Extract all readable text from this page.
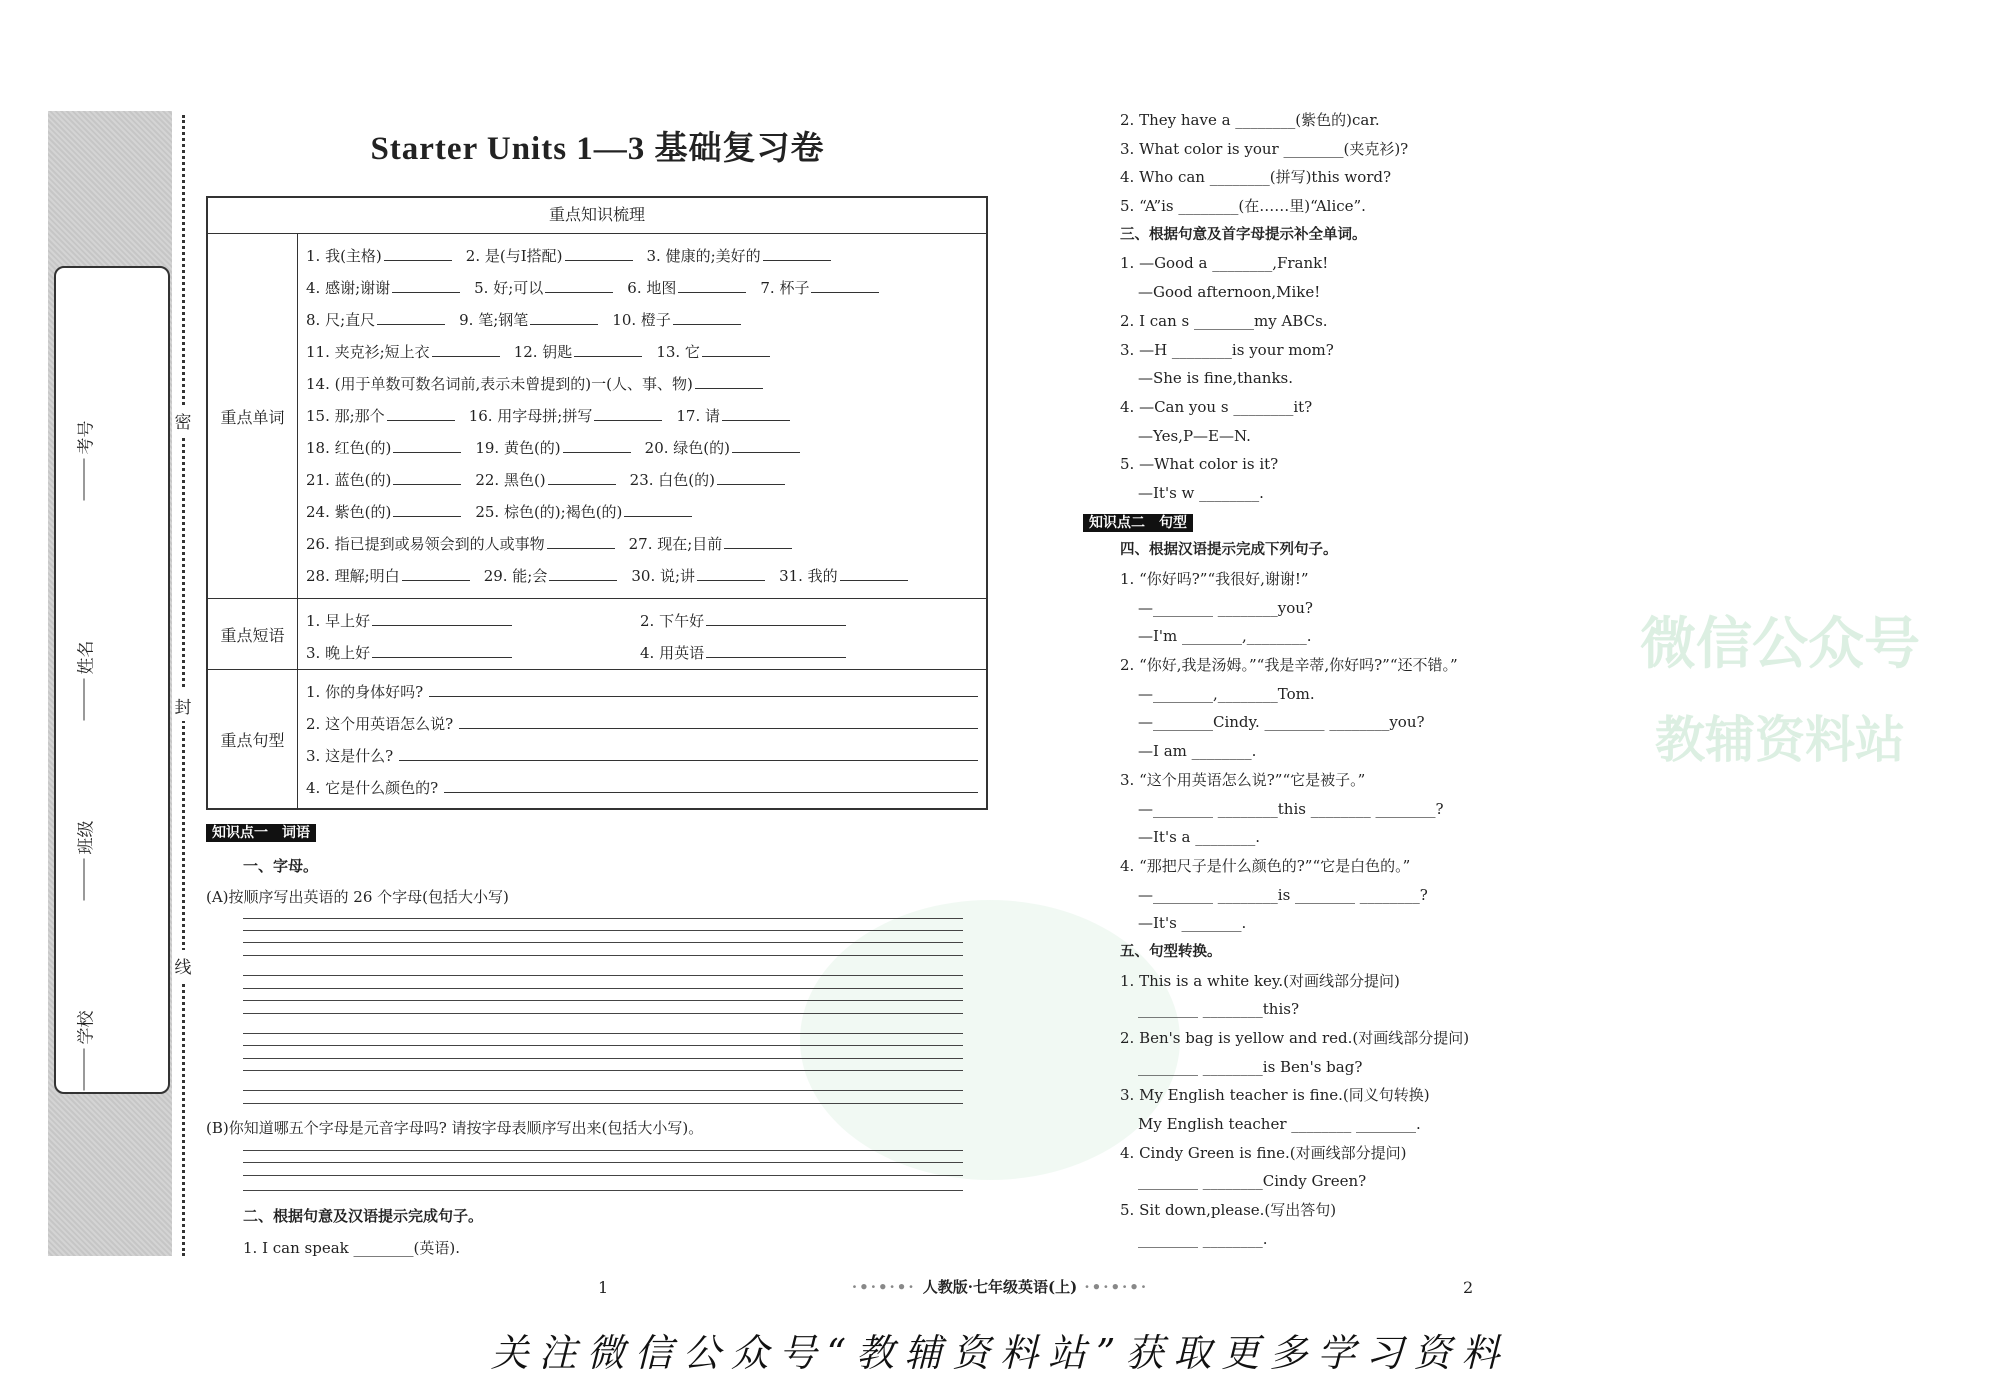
考号
姓名
班级
学校
密
封
线
Starter Units 1—3 基础复习卷
重点知识梳理
重点单词
1. 我(主格)	2. 是(与I搭配)	3. 健康的;美好的
4. 感谢;谢谢	5. 好;可以	6. 地图	7. 杯子
8. 尺;直尺	9. 笔;钢笔	10. 橙子
11. 夹克衫;短上衣	12. 钥匙	13. 它
14. (用于单数可数名词前,表示未曾提到的)一(人、事、物)
15. 那;那个	16. 用字母拼;拼写	17. 请
18. 红色(的)	19. 黄色(的)	20. 绿色(的)
21. 蓝色(的)	22. 黑色()	23. 白色(的)
24. 紫色(的)	25. 棕色(的);褐色(的)
26. 指已提到或易领会到的人或事物	27. 现在;目前
28. 理解;明白	29. 能;会	30. 说;讲	31. 我的
重点短语
1. 早上好	2. 下午好
3. 晚上好	4. 用英语
重点句型
1. 你的身体好吗?
2. 这个用英语怎么说?
3. 这是什么?
4. 它是什么颜色的?
知识点一　词语
一、字母。
(A)按顺序写出英语的 26 个字母(包括大小写)
(B)你知道哪五个字母是元音字母吗? 请按字母表顺序写出来(包括大小写)。
二、根据句意及汉语提示完成句子。
1. I can speak ________(英语).
2. They have a ________(紫色的)car.
3. What color is your ________(夹克衫)?
4. Who can ________(拼写)this word?
5. “A”is ________(在……里)“Alice”.
三、根据句意及首字母提示补全单词。
1. —Good a ________,Frank!
—Good afternoon,Mike!
2. I can s ________my ABCs.
3. —H ________is your mom?
—She is fine,thanks.
4. —Can you s ________it?
—Yes,P—E—N.
5. —What color is it?
—It's w ________.
知识点二　句型
四、根据汉语提示完成下列句子。
1. “你好吗?”“我很好,谢谢!”
—________ ________you?
—I'm ________,________.
2. “你好,我是汤姆。”“我是辛蒂,你好吗?”“还不错。”
—________,________Tom.
—________Cindy. ________ ________you?
—I am ________.
3. “这个用英语怎么说?”“它是被子。”
—________ ________this ________ ________?
—It's a ________.
4. “那把尺子是什么颜色的?”“它是白色的。”
—________ ________is ________ ________?
—It's ________.
五、句型转换。
1. This is a white key.(对画线部分提问)
________ ________this?
2. Ben's bag is yellow and red.(对画线部分提问)
________ ________is Ben's bag?
3. My English teacher is fine.(同义句转换)
My English teacher ________ ________.
4. Cindy Green is fine.(对画线部分提问)
________ ________Cindy Green?
5. Sit down,please.(写出答句)
________ ________.
1	·•·•·•· 人教版·七年级英语(上) ·•·•·•·	2
微信公众号
教辅资料站
关注微信公众号“教辅资料站”获取更多学习资料
